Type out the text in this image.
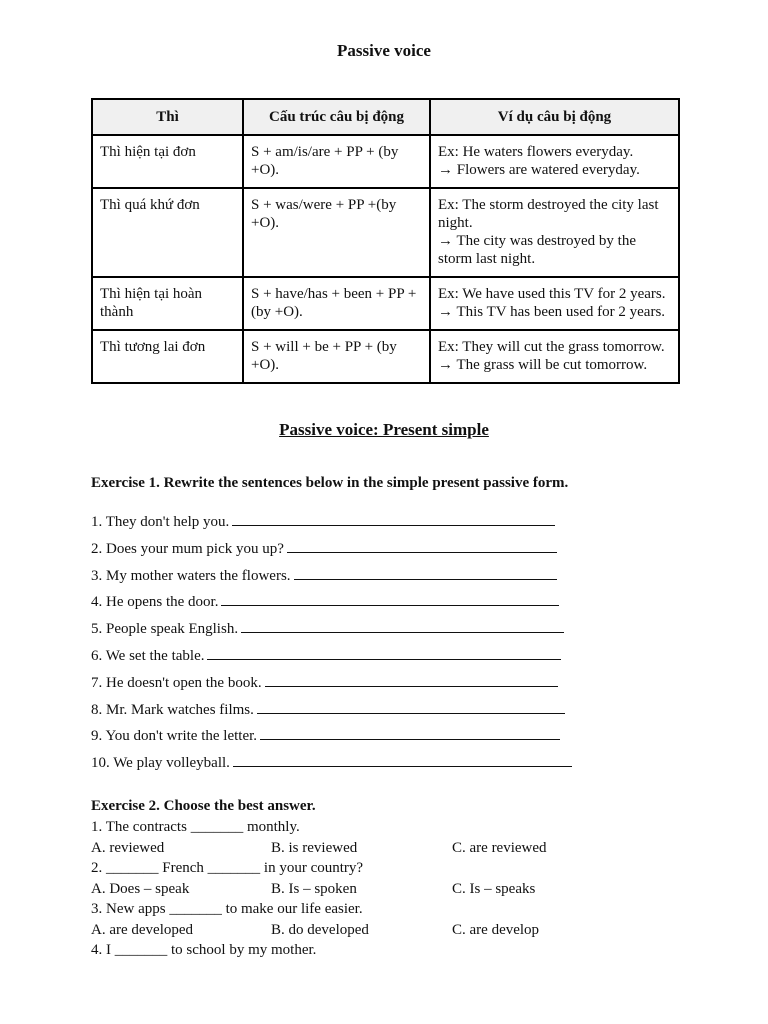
Passive voice
Thì	Cấu trúc câu bị động	Ví dụ câu bị động
Thì hiện tại đơn	S + am/is/are + PP + (by +O).	Ex: He waters flowers everyday.
→ Flowers are watered everyday.

Thì quá khứ đơn	S + was/were + PP +(by +O).	Ex: The storm destroyed the city last night.
→ The city was destroyed by the storm last night.

Thì hiện tại hoàn thành	S + have/has + been + PP + (by +O).	Ex: We have used this TV for 2 years.
→ This TV has been used for 2 years.

Thì tương lai đơn	S + will + be + PP + (by +O).	Ex: They will cut the grass tomorrow.
→ The grass will be cut tomorrow.
Passive voice: Present simple
Exercise 1. Rewrite the sentences below in the simple present passive form.
1. They don't help you.
2. Does your mum pick you up?
3. My mother waters the flowers.
4. He opens the door.
5. People speak English.
6. We set the table.
7. He doesn't open the book.
8. Mr. Mark watches films.
9. You don't write the letter.
10. We play volleyball.
Exercise 2. Choose the best answer.
1. The contracts _______ monthly.
A. reviewed	B. is reviewed	C. are reviewed
2. _______ French _______ in your country?
A. Does – speak	B. Is – spoken	C. Is – speaks
3. New apps _______ to make our life easier.
A. are developed	B. do developed	C. are develop
4. I _______ to school by my mother.
